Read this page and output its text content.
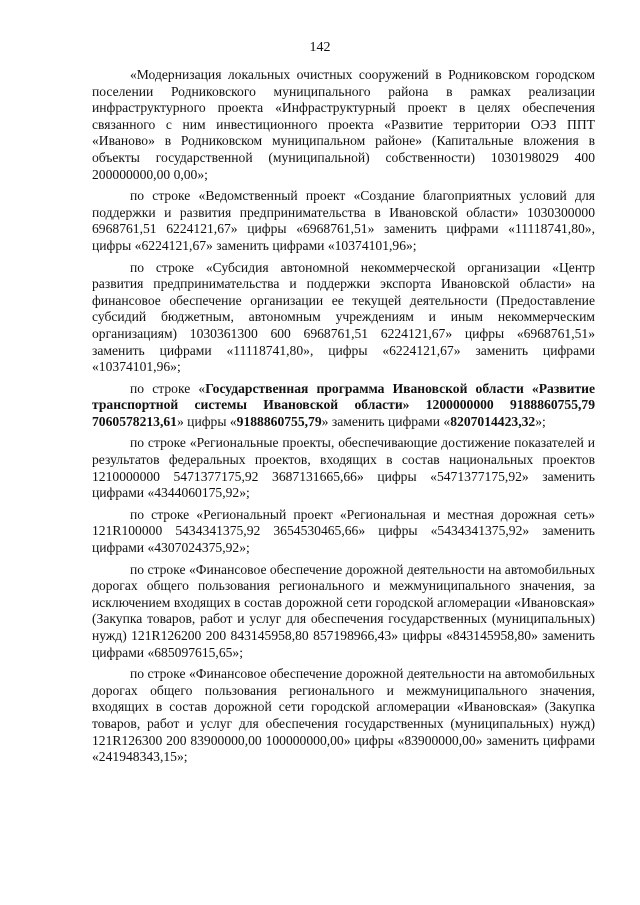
142

«Модернизация локальных очистных сооружений в Родниковском городском поселении Родниковского муниципального района в рамках реализации инфраструктурного проекта «Инфраструктурный проект в целях обеспечения связанного с ним инвестиционного проекта «Развитие территории ОЭЗ ППТ «Иваново» в Родниковском муниципальном районе» (Капитальные вложения в объекты государственной (муниципальной) собственности) 1030198029 400 200000000,00 0,00»;

по строке «Ведомственный проект «Создание благоприятных условий для поддержки и развития предпринимательства в Ивановской области» 1030300000 6968761,51 6224121,67» цифры «6968761,51» заменить цифрами «11118741,80», цифры «6224121,67» заменить цифрами «10374101,96»;

по строке «Субсидия автономной некоммерческой организации «Центр развития предпринимательства и поддержки экспорта Ивановской области» на финансовое обеспечение организации ее текущей деятельности (Предоставление субсидий бюджетным, автономным учреждениям и иным некоммерческим организациям) 1030361300 600 6968761,51 6224121,67» цифры «6968761,51» заменить цифрами «11118741,80», цифры «6224121,67» заменить цифрами «10374101,96»;

по строке «Государственная программа Ивановской области «Развитие транспортной системы Ивановской области» 1200000000 9188860755,79 7060578213,61» цифры «9188860755,79» заменить цифрами «8207014423,32»;

по строке «Региональные проекты, обеспечивающие достижение показателей и результатов федеральных проектов, входящих в состав национальных проектов 1210000000 5471377175,92 3687131665,66» цифры «5471377175,92» заменить цифрами «4344060175,92»;

по строке «Региональный проект «Региональная и местная дорожная сеть» 121R100000 5434341375,92 3654530465,66» цифры «5434341375,92» заменить цифрами «4307024375,92»;

по строке «Финансовое обеспечение дорожной деятельности на автомобильных дорогах общего пользования регионального и межмуниципального значения, за исключением входящих в состав дорожной сети городской агломерации «Ивановская» (Закупка товаров, работ и услуг для обеспечения государственных (муниципальных) нужд) 121R126200 200 843145958,80 857198966,43» цифры «843145958,80» заменить цифрами «685097615,65»;

по строке «Финансовое обеспечение дорожной деятельности на автомобильных дорогах общего пользования регионального и межмуниципального значения, входящих в состав дорожной сети городской агломерации «Ивановская» (Закупка товаров, работ и услуг для обеспечения государственных (муниципальных) нужд) 121R126300 200 83900000,00 100000000,00» цифры «83900000,00» заменить цифрами «241948343,15»;
